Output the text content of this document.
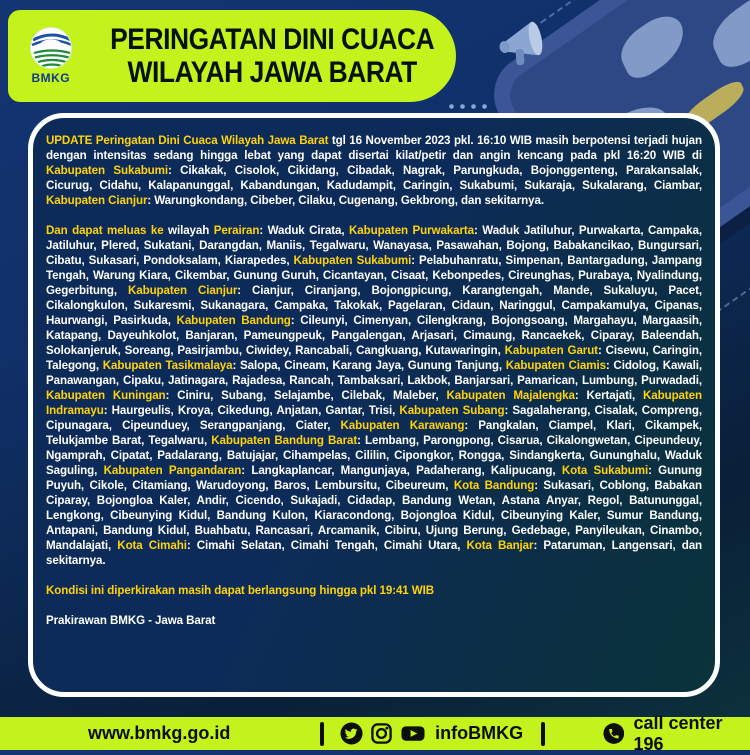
BMKG
PERINGATAN DINI CUACA
WILAYAH JAWA BARAT

UPDATE Peringatan Dini Cuaca Wilayah Jawa Barat tgl 16 November 2023 pkl. 16:10 WIB masih berpotensi terjadi hujan dengan intensitas sedang hingga lebat yang dapat disertai kilat/petir dan angin kencang pada pkl 16:20 WIB di Kabupaten Sukabumi: Cikakak, Cisolok, Cikidang, Cibadak, Nagrak, Parungkuda, Bojonggenteng, Parakansalak, Cicurug, Cidahu, Kalapanunggal, Kabandungan, Kadudampit, Caringin, Sukabumi, Sukaraja, Sukalarang, Ciambar, Kabupaten Cianjur: Warungkondang, Cibeber, Cilaku, Cugenang, Gekbrong, dan sekitarnya.

Dan dapat meluas ke wilayah Perairan: Waduk Cirata, Kabupaten Purwakarta: Waduk Jatiluhur, Purwakarta, Campaka, Jatiluhur, Plered, Sukatani, Darangdan, Maniis, Tegalwaru, Wanayasa, Pasawahan, Bojong, Babakancikao, Bungursari, Cibatu, Sukasari, Pondoksalam, Kiarapedes, Kabupaten Sukabumi: Pelabuhanratu, Simpenan, Bantargadung, Jampang Tengah, Warung Kiara, Cikembar, Gunung Guruh, Cicantayan, Cisaat, Kebonpedes, Cireunghas, Purabaya, Nyalindung, Gegerbitung, Kabupaten Cianjur: Cianjur, Ciranjang, Bojongpicung, Karangtengah, Mande, Sukaluyu, Pacet, Cikalongkulon, Sukaresmi, Sukanagara, Campaka, Takokak, Pagelaran, Cidaun, Naringgul, Campakamulya, Cipanas, Haurwangi, Pasirkuda, Kabupaten Bandung: Cileunyi, Cimenyan, Cilengkrang, Bojongsoang, Margahayu, Margaasih, Katapang, Dayeuhkolot, Banjaran, Pameungpeuk, Pangalengan, Arjasari, Cimaung, Rancaekek, Ciparay, Baleendah, Solokanjeruk, Soreang, Pasirjambu, Ciwidey, Rancabali, Cangkuang, Kutawaringin, Kabupaten Garut: Cisewu, Caringin, Talegong, Kabupaten Tasikmalaya: Salopa, Cineam, Karang Jaya, Gunung Tanjung, Kabupaten Ciamis: Cidolog, Kawali, Panawangan, Cipaku, Jatinagara, Rajadesa, Rancah, Tambaksari, Lakbok, Banjarsari, Pamarican, Lumbung, Purwadadi, Kabupaten Kuningan: Ciniru, Subang, Selajambe, Cilebak, Maleber, Kabupaten Majalengka: Kertajati, Kabupaten Indramayu: Haurgeulis, Kroya, Cikedung, Anjatan, Gantar, Trisi, Kabupaten Subang: Sagalaherang, Cisalak, Compreng, Cipunagara, Cipeunduey, Serangpanjang, Ciater, Kabupaten Karawang: Pangkalan, Ciampel, Klari, Cikampek, Telukjambe Barat, Tegalwaru, Kabupaten Bandung Barat: Lembang, Parongpong, Cisarua, Cikalongwetan, Cipeundeuy, Ngamprah, Cipatat, Padalarang, Batujajar, Cihampelas, Cililin, Cipongkor, Rongga, Sindangkerta, Gununghalu, Waduk Saguling, Kabupaten Pangandaran: Langkaplancar, Mangunjaya, Padaherang, Kalipucang, Kota Sukabumi: Gunung Puyuh, Cikole, Citamiang, Warudoyong, Baros, Lembursitu, Cibeureum, Kota Bandung: Sukasari, Coblong, Babakan Ciparay, Bojongloa Kaler, Andir, Cicendo, Sukajadi, Cidadap, Bandung Wetan, Astana Anyar, Regol, Batununggal, Lengkong, Cibeunying Kidul, Bandung Kulon, Kiaracondong, Bojongloa Kidul, Cibeunying Kaler, Sumur Bandung, Antapani, Bandung Kidul, Buahbatu, Rancasari, Arcamanik, Cibiru, Ujung Berung, Gedebage, Panyileukan, Cinambo, Mandalajati, Kota Cimahi: Cimahi Selatan, Cimahi Tengah, Cimahi Utara, Kota Banjar: Pataruman, Langensari, dan sekitarnya.

Kondisi ini diperkirakan masih dapat berlangsung hingga pkl 19:41 WIB

Prakirawan BMKG - Jawa Barat

www.bmkg.go.id	infoBMKG
call center 196
